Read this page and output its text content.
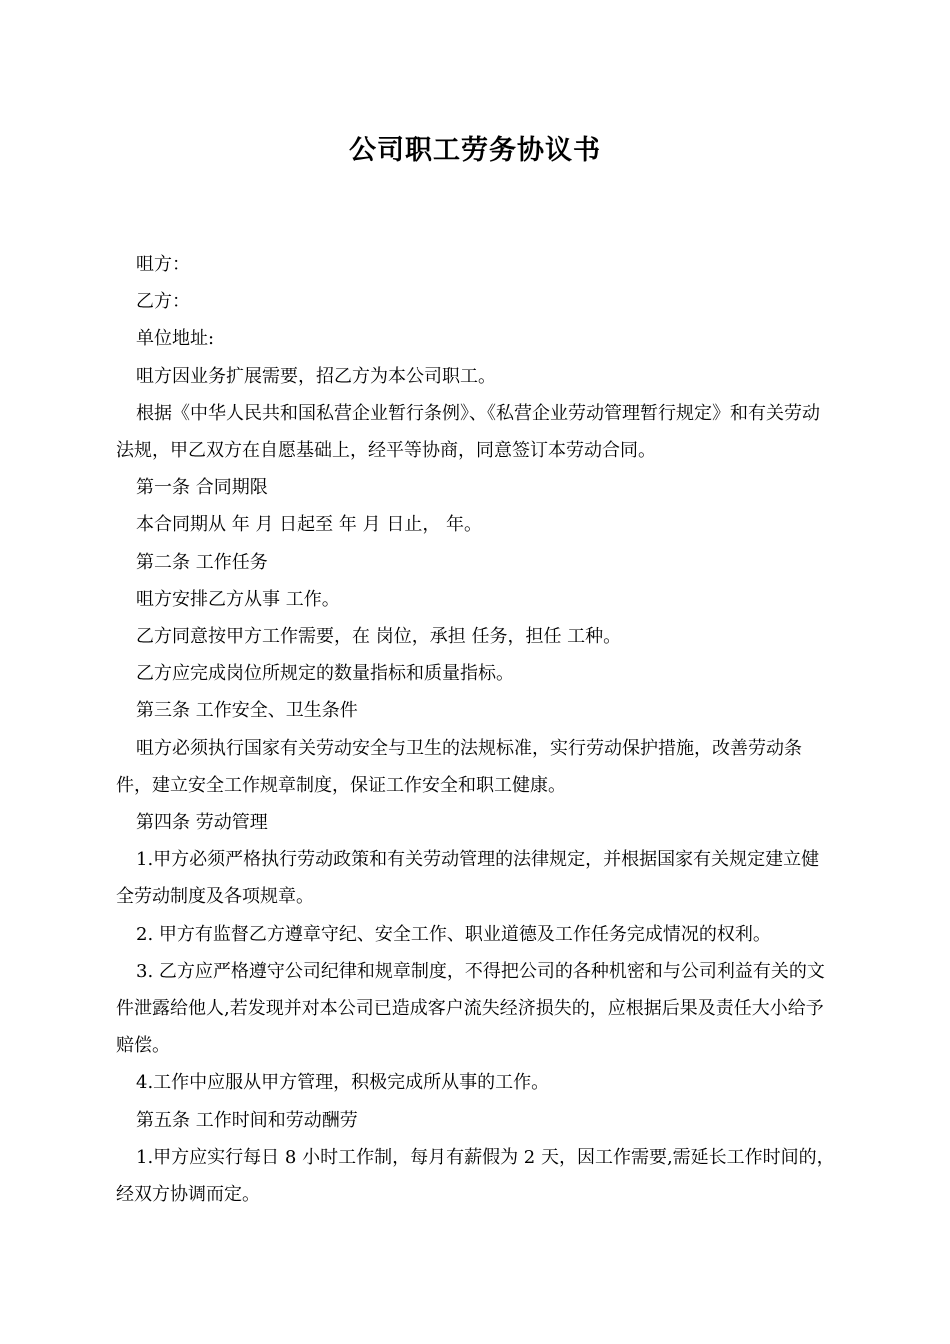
公司职工劳务协议书

咀方：

乙方：

单位地址:

咀方因业务扩展需要，招乙方为本公司职工。

根据《中华人民共和国私营企业暂行条例》、《私营企业劳动管理暂行规定》和有关劳动法规，甲乙双方在自愿基础上，经平等协商，同意签订本劳动合同。

第一条 合同期限

本合同期从 年 月 日起至 年 月 日止， 年。

第二条 工作任务

咀方安排乙方从事 工作。

乙方同意按甲方工作需要，在 岗位，承担 任务，担任 工种。

乙方应完成岗位所规定的数量指标和质量指标。

第三条 工作安全、卫生条件

咀方必须执行国家有关劳动安全与卫生的法规标准，实行劳动保护措施，改善劳动条件，建立安全工作规章制度，保证工作安全和职工健康。

第四条 劳动管理

1.甲方必须严格执行劳动政策和有关劳动管理的法律规定，并根据国家有关规定建立健全劳动制度及各项规章。

2. 甲方有监督乙方遵章守纪、安全工作、职业道德及工作任务完成情况的权利。

3. 乙方应严格遵守公司纪律和规章制度，不得把公司的各种机密和与公司利益有关的文件泄露给他人,若发现并对本公司已造成客户流失经济损失的，应根据后果及责任大小给予赔偿。

4.工作中应服从甲方管理，积极完成所从事的工作。

第五条 工作时间和劳动酬劳

1.甲方应实行每日 8 小时工作制，每月有薪假为 2 天，因工作需要,需延长工作时间的，经双方协调而定。
